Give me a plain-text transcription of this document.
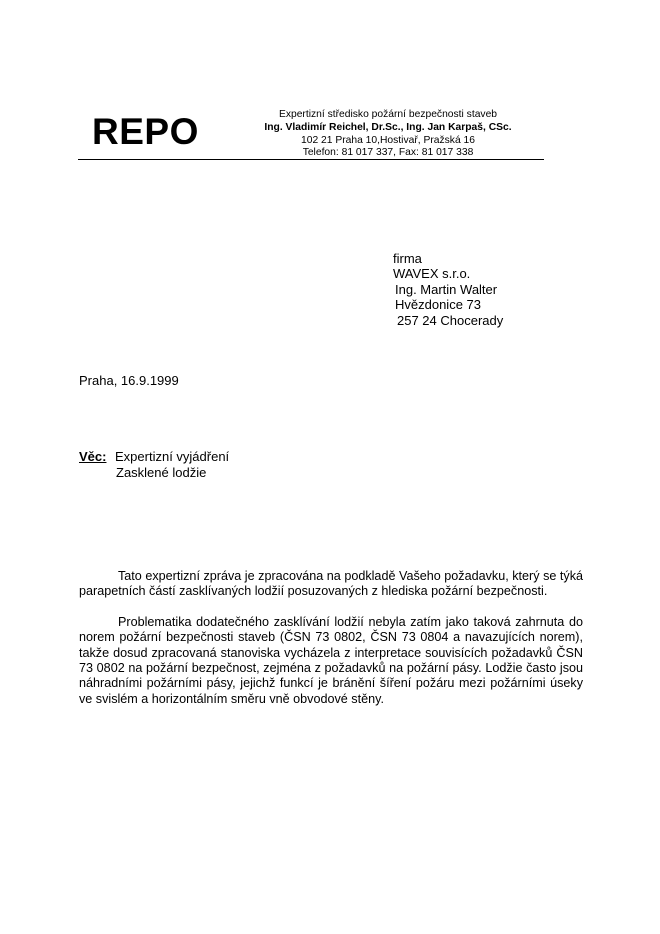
REPO	Expertizní středisko požární bezpečnosti staveb
Ing. Vladimír Reichel, Dr.Sc., Ing. Jan Karpaš, CSc.
102 21 Praha 10,Hostivař, Pražská 16
Telefon: 81 017 337, Fax: 81 017 338
firma
WAVEX s.r.o.
Ing. Martin Walter
Hvězdonice 73
257 24 Chocerady
Praha, 16.9.1999
Věc: Expertizní vyjádření
Zasklené lodžie

Tato expertizní zpráva je zpracována na podkladě Vašeho požadavku, který se týká parapetních částí zasklívaných lodžií posuzovaných z hlediska požární bezpečnosti.

Problematika dodatečného zasklívání lodžií nebyla zatím jako taková zahrnuta do norem požární bezpečnosti staveb (ČSN 73 0802, ČSN 73 0804 a navazujících norem), takže dosud zpracovaná stanoviska vycházela z interpretace souvisících požadavků ČSN 73 0802 na požární bezpečnost, zejména z požadavků na požární pásy. Lodžie často jsou náhradními požárními pásy, jejichž funkcí je bránění šíření požáru mezi požárními úseky ve svislém a horizontálním směru vně obvodové stěny.
